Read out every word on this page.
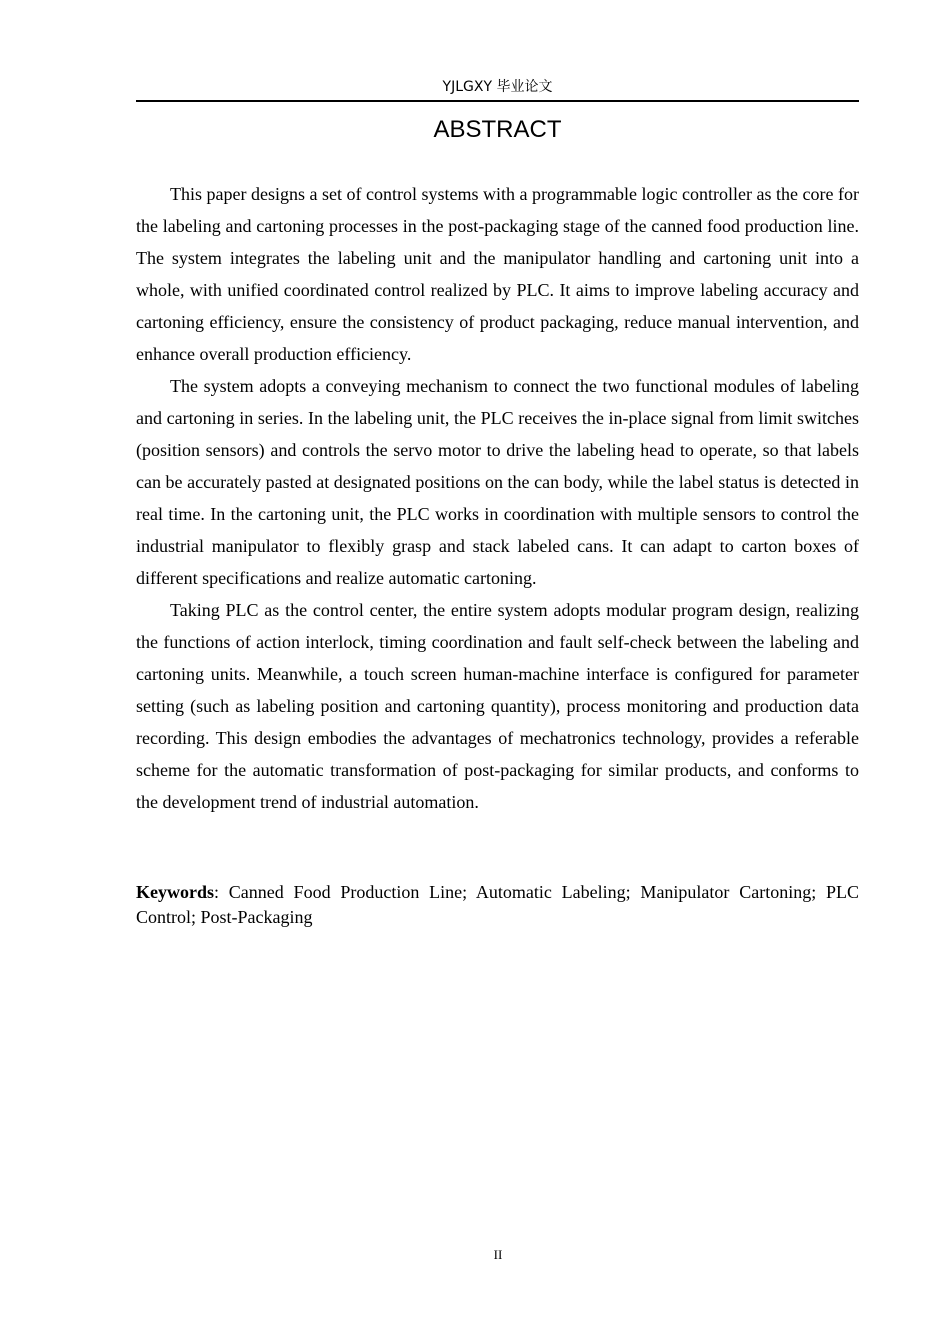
YJLGXY 毕业论文
ABSTRACT

This paper designs a set of control systems with a programmable logic controller as the core for the labeling and cartoning processes in the post-packaging stage of the canned food production line. The system integrates the labeling unit and the manipulator handling and cartoning unit into a whole, with unified coordinated control realized by PLC. It aims to improve labeling accuracy and cartoning efficiency, ensure the consistency of product packaging, reduce manual intervention, and enhance overall production efficiency.

The system adopts a conveying mechanism to connect the two functional modules of labeling and cartoning in series. In the labeling unit, the PLC receives the in-place signal from limit switches (position sensors) and controls the servo motor to drive the labeling head to operate, so that labels can be accurately pasted at designated positions on the can body, while the label status is detected in real time. In the cartoning unit, the PLC works in coordination with multiple sensors to control the industrial manipulator to flexibly grasp and stack labeled cans. It can adapt to carton boxes of different specifications and realize automatic cartoning.

Taking PLC as the control center, the entire system adopts modular program design, realizing the functions of action interlock, timing coordination and fault self-check between the labeling and cartoning units. Meanwhile, a touch screen human-machine interface is configured for parameter setting (such as labeling position and cartoning quantity), process monitoring and production data recording. This design embodies the advantages of mechatronics technology, provides a referable scheme for the automatic transformation of post-packaging for similar products, and conforms to the development trend of industrial automation.

Keywords: Canned Food Production Line; Automatic Labeling; Manipulator Cartoning; PLC Control; Post-Packaging
II
